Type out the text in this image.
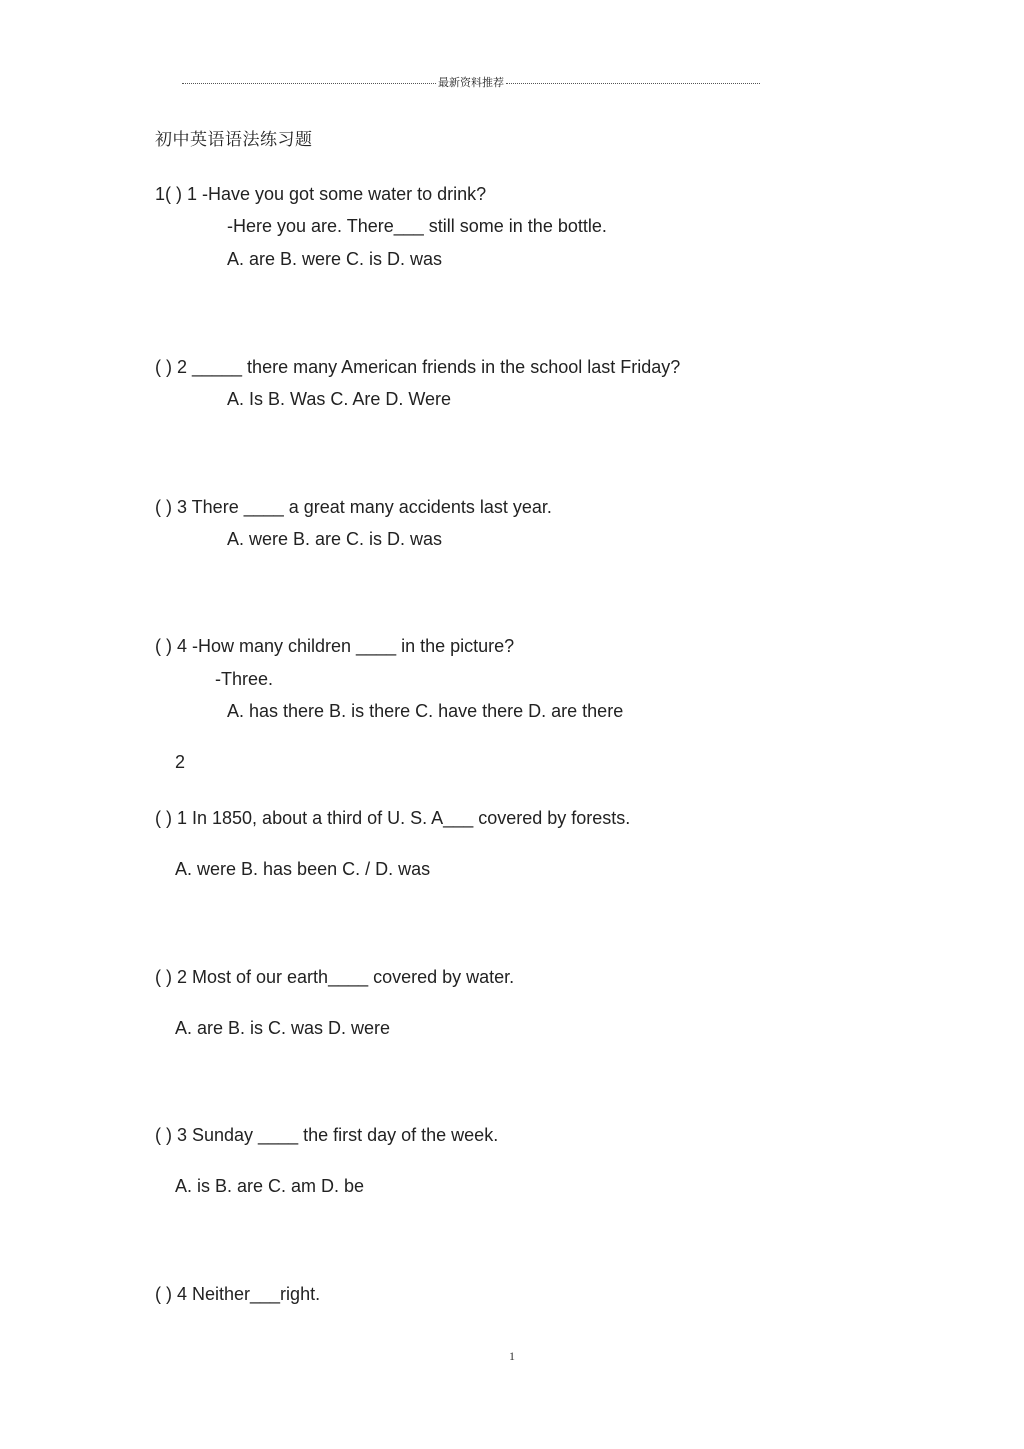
最新资料推荐
初中英语语法练习题
1( ) 1 -Have you got some water to drink?
-Here you are. There___ still some in the bottle.
A. are B. were C. is D. was
( ) 2 _____ there many American friends in the school last Friday?
A. Is B. Was C. Are D. Were
( ) 3 There ____ a great many accidents last year.
A. were B. are C. is D. was
( ) 4 -How many children ____ in the picture?
-Three.
A. has there B. is there C. have there D. are there
2
( ) 1 In 1850, about a third of U. S. A___ covered by forests.
A. were B. has been C. / D. was
( ) 2 Most of our earth____ covered by water.
A. are B. is C. was D. were
( ) 3 Sunday ____ the first day of the week.
A. is B. are C. am D. be
( ) 4 Neither___right.
1
